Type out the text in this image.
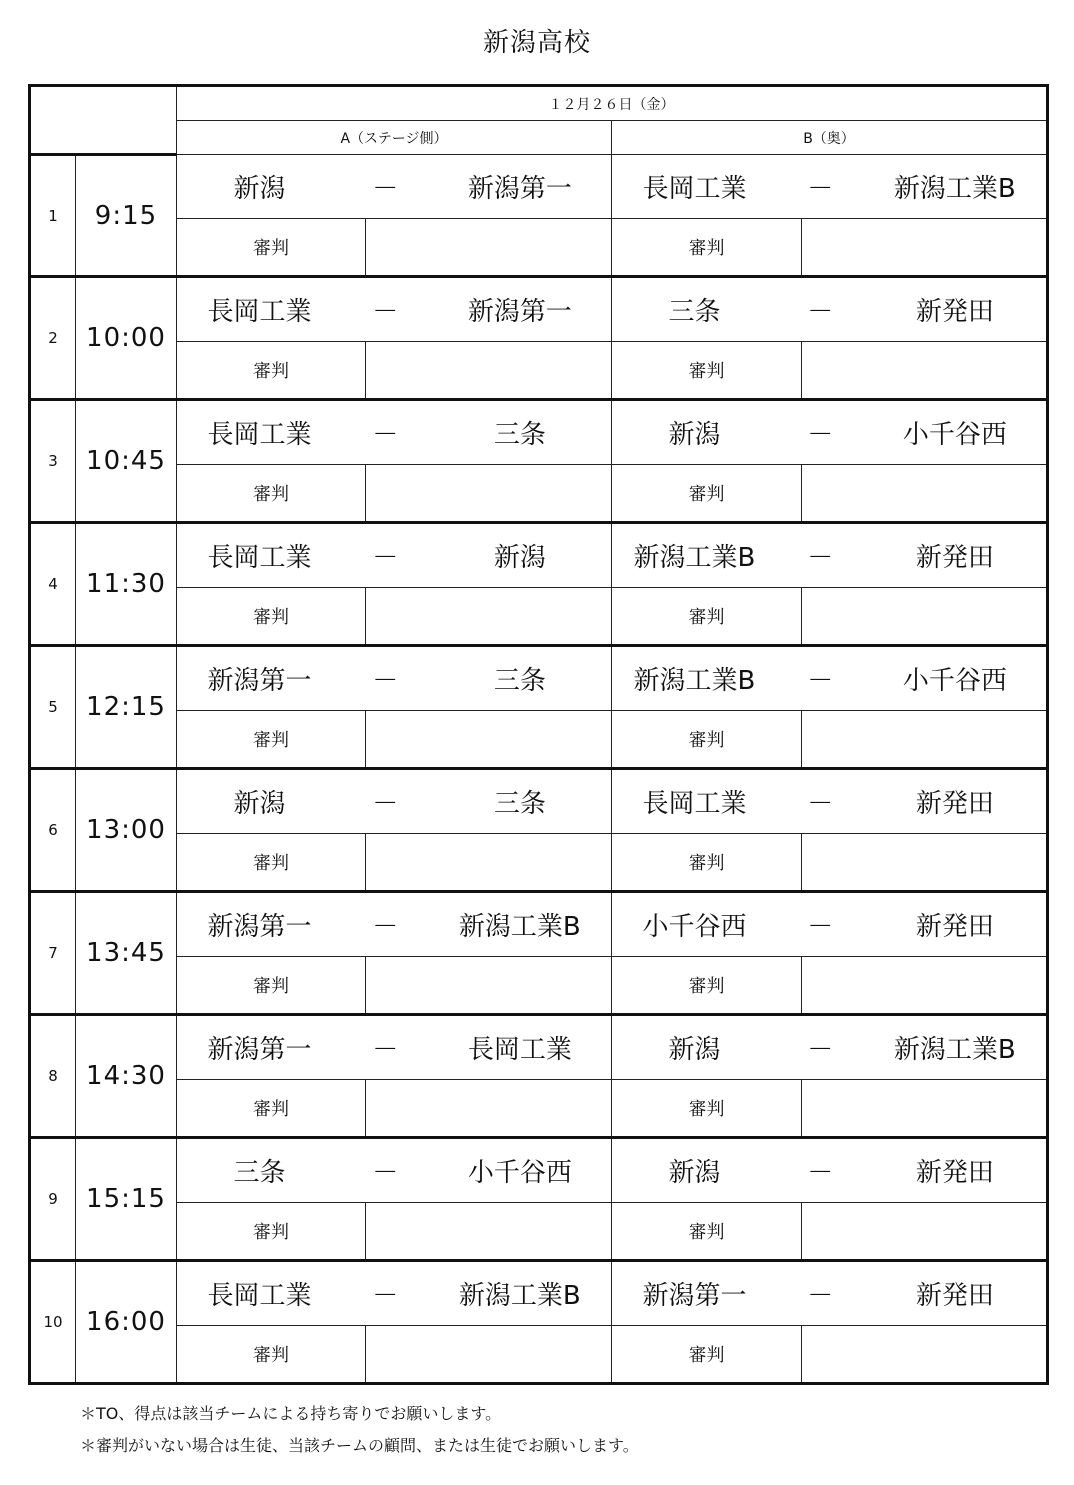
新潟高校
		１２月２６日（金）			
		A（ステージ側）		B（奥）	
1	9:15	新潟 － 新潟第一		長岡工業 － 新潟工業B	

		審判		審判	
2	10:00	長岡工業 － 新潟第一		三条 － 新発田	

		審判		審判	
3	10:45	長岡工業 － 三条		新潟 － 小千谷西	

		審判		審判	
4	11:30	長岡工業 － 新潟		新潟工業B － 新発田	

		審判		審判	
5	12:15	新潟第一 － 三条		新潟工業B － 小千谷西	

		審判		審判	
6	13:00	新潟 － 三条		長岡工業 － 新発田	

		審判		審判	
7	13:45	新潟第一 － 新潟工業B		小千谷西 － 新発田	

		審判		審判	
8	14:30	新潟第一 － 長岡工業		新潟 － 新潟工業B	

		審判		審判	
9	15:15	三条 － 小千谷西		新潟 － 新発田	

		審判		審判	
10	16:00	長岡工業 － 新潟工業B		新潟第一 － 新発田	

		審判		審判	
＊TO、得点は該当チームによる持ち寄りでお願いします。
＊審判がいない場合は生徒、当該チームの顧問、または生徒でお願いします。
